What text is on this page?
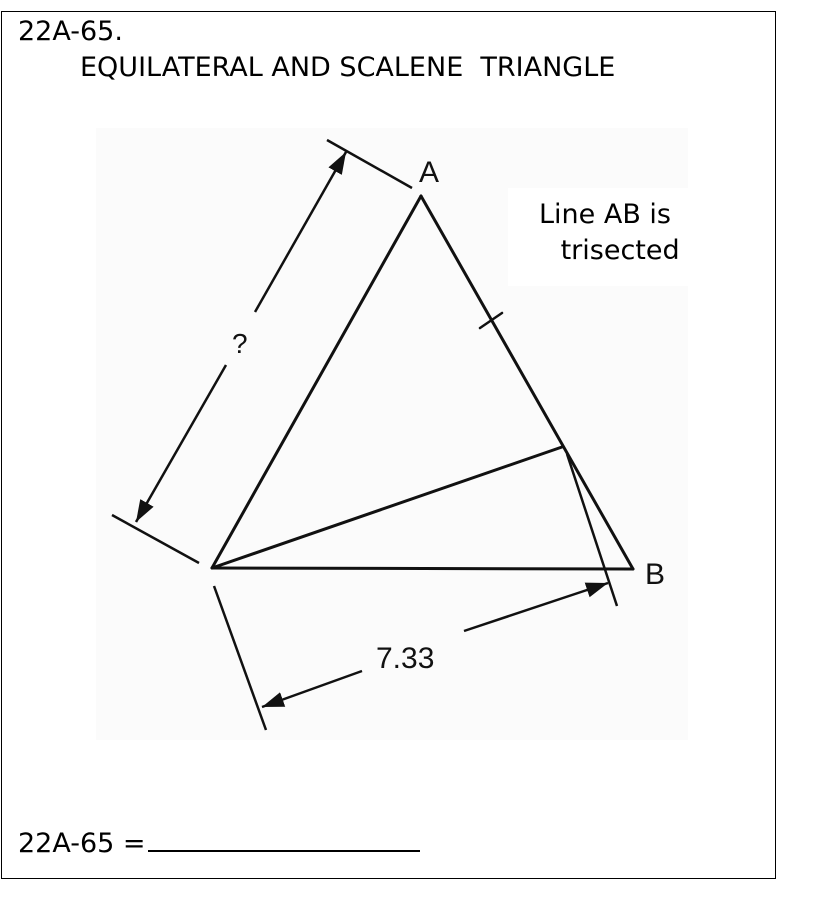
22A-65.
EQUILATERAL AND SCALENE  TRIANGLE
A
B
?
7.33
Line AB is
trisected
22A-65 =
